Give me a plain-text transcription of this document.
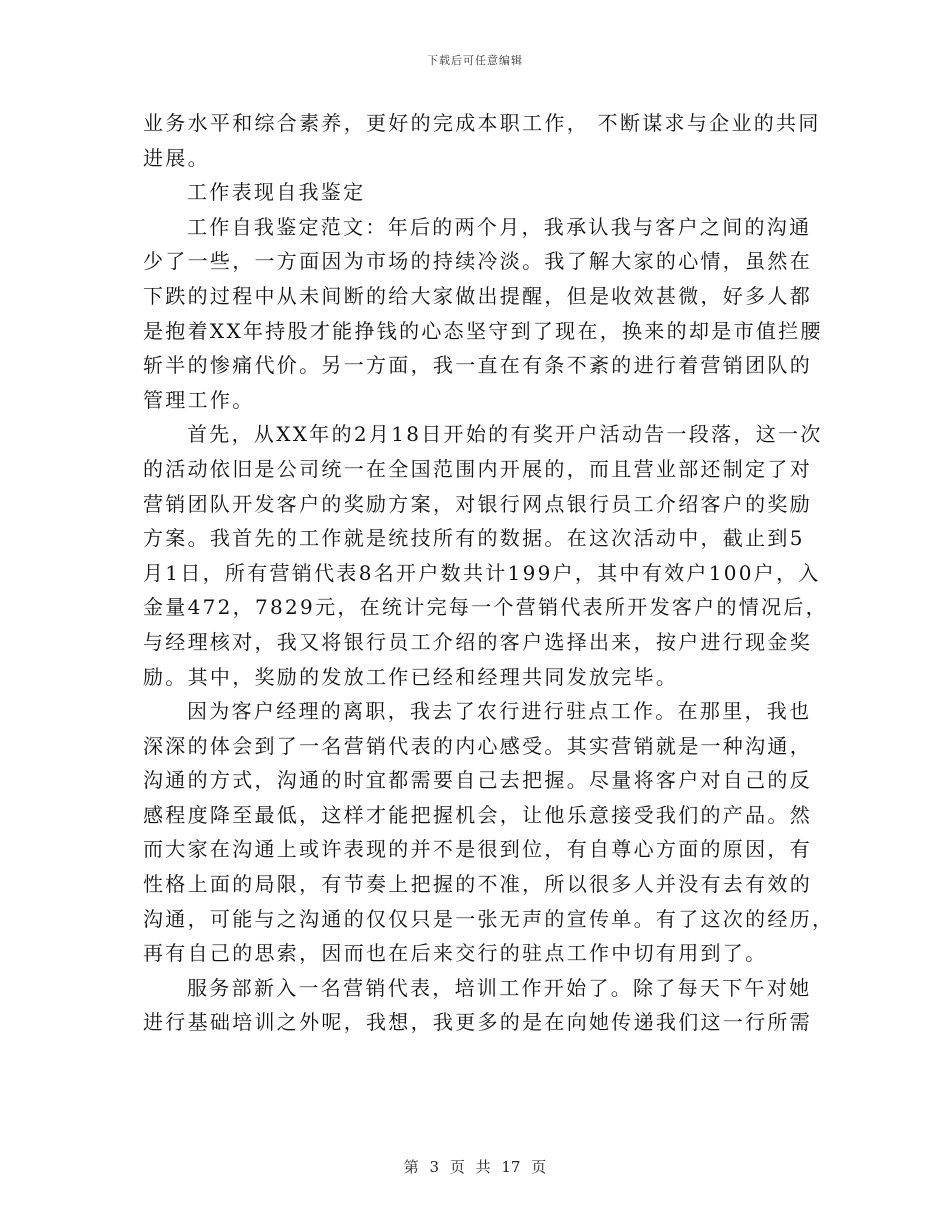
下载后可任意编辑
业务水平和综合素养，更好的完成本职工作， 不断谋求与企业的共同
进展。
工作表现自我鉴定
工作自我鉴定范文：年后的两个月，我承认我与客户之间的沟通
少了一些，一方面因为市场的持续冷淡。我了解大家的心情，虽然在
下跌的过程中从未间断的给大家做出提醒，但是收效甚微，好多人都
是抱着XX年持股才能挣钱的心态坚守到了现在，换来的却是市值拦腰
斩半的惨痛代价。另一方面，我一直在有条不紊的进行着营销团队的
管理工作。
首先，从XX年的2月18日开始的有奖开户活动告一段落，这一次
的活动依旧是公司统一在全国范围内开展的，而且营业部还制定了对
营销团队开发客户的奖励方案，对银行网点银行员工介绍客户的奖励
方案。我首先的工作就是统技所有的数据。在这次活动中，截止到5
月1日，所有营销代表8名开户数共计199户，其中有效户100户，入
金量472，7829元，在统计完每一个营销代表所开发客户的情况后，
与经理核对，我又将银行员工介绍的客户选择出来，按户进行现金奖
励。其中，奖励的发放工作已经和经理共同发放完毕。
因为客户经理的离职，我去了农行进行驻点工作。在那里，我也
深深的体会到了一名营销代表的内心感受。其实营销就是一种沟通，
沟通的方式，沟通的时宜都需要自己去把握。尽量将客户对自己的反
感程度降至最低，这样才能把握机会，让他乐意接受我们的产品。然
而大家在沟通上或许表现的并不是很到位，有自尊心方面的原因，有
性格上面的局限，有节奏上把握的不准，所以很多人并没有去有效的
沟通，可能与之沟通的仅仅只是一张无声的宣传单。有了这次的经历，
再有自己的思索，因而也在后来交行的驻点工作中切有用到了。
服务部新入一名营销代表，培训工作开始了。除了每天下午对她
进行基础培训之外呢，我想，我更多的是在向她传递我们这一行所需
第 3 页 共 17 页
